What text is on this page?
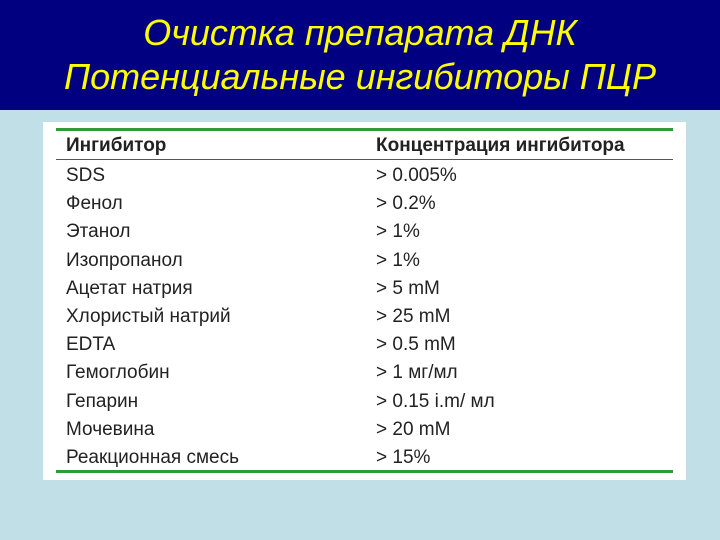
Очистка препарата ДНК
Потенциальные ингибиторы ПЦР
Ингибитор	Концентрация ингибитора
SDS	> 0.005%
Фенол	> 0.2%
Этанол	> 1%
Изопропанол	> 1%
Ацетат натрия	> 5 mM
Хлористый натрий	> 25 mM
EDTA	> 0.5 mM
Гемоглобин	> 1 мг/мл
Гепарин	> 0.15 i.m/ мл
Мочевина	> 20 mM
Реакционная смесь	> 15%
